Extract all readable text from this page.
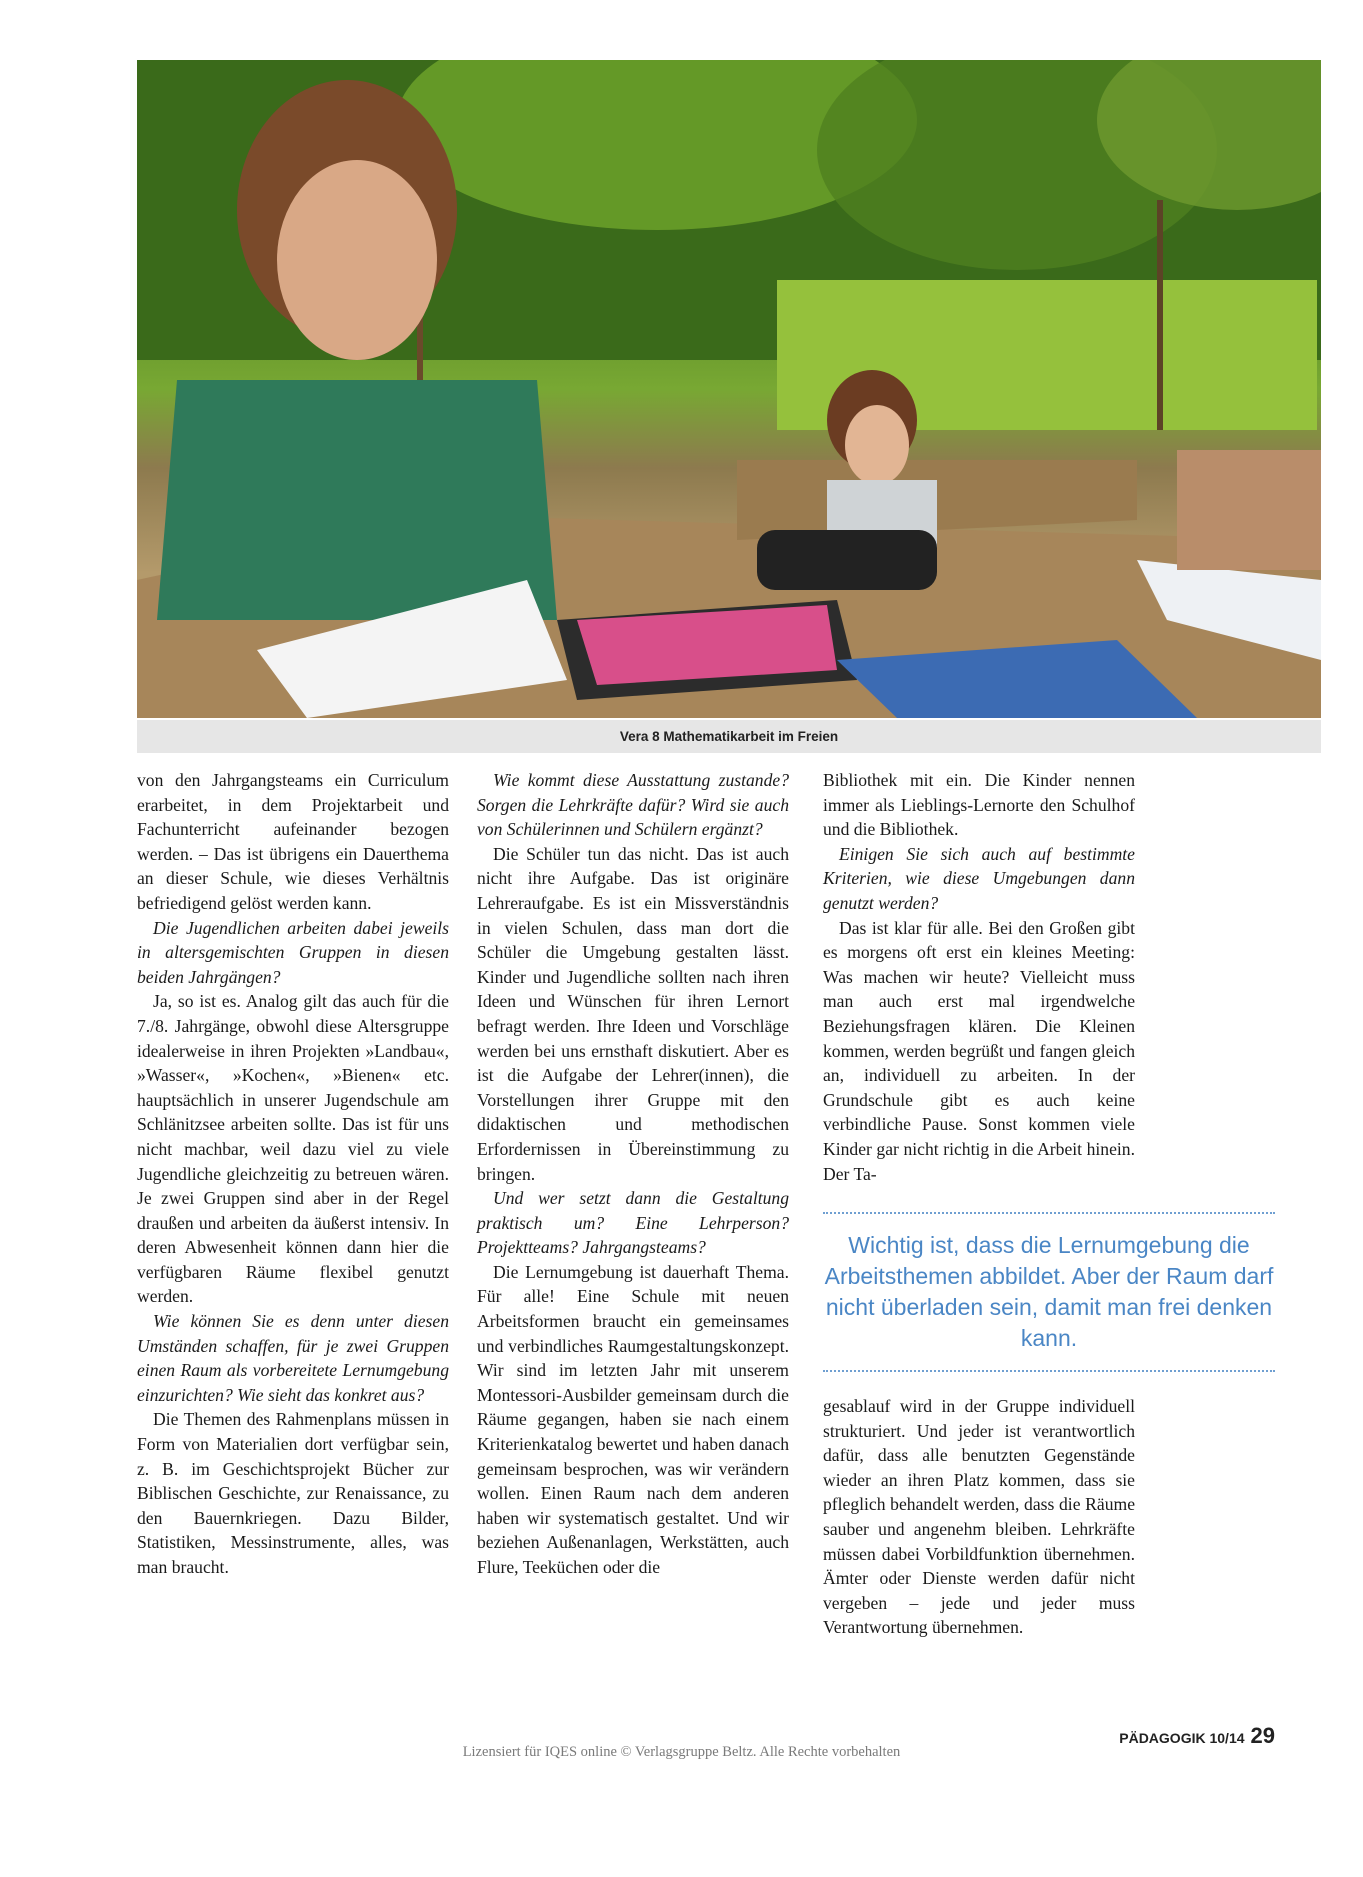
Vera 8 Mathematikarbeit im Freien

von den Jahrgangsteams ein Curriculum erarbeitet, in dem Projektarbeit und Fachunterricht aufeinander bezogen werden. – Das ist übrigens ein Dauerthema an dieser Schule, wie dieses Verhältnis befriedigend gelöst werden kann.

Die Jugendlichen arbeiten dabei jeweils in altersgemischten Gruppen in diesen beiden Jahrgängen?

Ja, so ist es. Analog gilt das auch für die 7./8. Jahrgänge, obwohl diese Altersgruppe idealerweise in ihren Projekten »Landbau«, »Wasser«, »Kochen«, »Bienen« etc. hauptsächlich in unserer Jugendschule am Schlänitzsee arbeiten sollte. Das ist für uns nicht machbar, weil dazu viel zu viele Jugendliche gleichzeitig zu betreuen wären. Je zwei Gruppen sind aber in der Regel draußen und arbeiten da äußerst intensiv. In deren Abwesenheit können dann hier die verfügbaren Räume flexibel genutzt werden.

Wie können Sie es denn unter diesen Umständen schaffen, für je zwei Gruppen einen Raum als vorbereitete Lernumgebung einzurichten? Wie sieht das konkret aus?

Die Themen des Rahmenplans müssen in Form von Materialien dort verfügbar sein, z. B. im Geschichtsprojekt Bücher zur Biblischen Geschichte, zur Renaissance, zu den Bauernkriegen. Dazu Bilder, Statistiken, Messinstrumente, alles, was man braucht.

Wie kommt diese Ausstattung zustande? Sorgen die Lehrkräfte dafür? Wird sie auch von Schülerinnen und Schülern ergänzt?

Die Schüler tun das nicht. Das ist auch nicht ihre Aufgabe. Das ist originäre Lehreraufgabe. Es ist ein Missverständnis in vielen Schulen, dass man dort die Schüler die Umgebung gestalten lässt. Kinder und Jugendliche sollten nach ihren Ideen und Wünschen für ihren Lernort befragt werden. Ihre Ideen und Vorschläge werden bei uns ernsthaft diskutiert. Aber es ist die Aufgabe der Lehrer(innen), die Vorstellungen ihrer Gruppe mit den didaktischen und methodischen Erfordernissen in Übereinstimmung zu bringen.

Und wer setzt dann die Gestaltung praktisch um? Eine Lehrperson? Projektteams? Jahrgangsteams?

Die Lernumgebung ist dauerhaft Thema. Für alle! Eine Schule mit neuen Arbeitsformen braucht ein gemeinsames und verbindliches Raumgestaltungskonzept. Wir sind im letzten Jahr mit unserem Montessori-Ausbilder gemeinsam durch die Räume gegangen, haben sie nach einem Kriterienkatalog bewertet und haben danach gemeinsam besprochen, was wir verändern wollen. Einen Raum nach dem anderen haben wir systematisch gestaltet. Und wir beziehen Außenanlagen, Werkstätten, auch Flure, Teeküchen oder die

Bibliothek mit ein. Die Kinder nennen immer als Lieblings-Lernorte den Schulhof und die Bibliothek.

Einigen Sie sich auch auf bestimmte Kriterien, wie diese Umgebungen dann genutzt werden?

Das ist klar für alle. Bei den Großen gibt es morgens oft erst ein kleines Meeting: Was machen wir heute? Vielleicht muss man auch erst mal irgendwelche Beziehungsfragen klären. Die Kleinen kommen, werden begrüßt und fangen gleich an, individuell zu arbeiten. In der Grundschule gibt es auch keine verbindliche Pause. Sonst kommen viele Kinder gar nicht richtig in die Arbeit hinein. Der Ta-

gesablauf wird in der Gruppe individuell strukturiert. Und jeder ist verantwortlich dafür, dass alle benutzten Gegenstände wieder an ihren Platz kommen, dass sie pfleglich behandelt werden, dass die Räume sauber und angenehm bleiben. Lehrkräfte müssen dabei Vorbildfunktion übernehmen. Ämter oder Dienste werden dafür nicht vergeben – jede und jeder muss Verantwortung übernehmen.

Wichtig ist, dass die Lernumgebung die Arbeitsthemen abbildet. Aber der Raum darf nicht überladen sein, damit man frei denken kann.
PÄDAGOGIK 10/14 29
Lizensiert für IQES online © Verlagsgruppe Beltz. Alle Rechte vorbehalten
